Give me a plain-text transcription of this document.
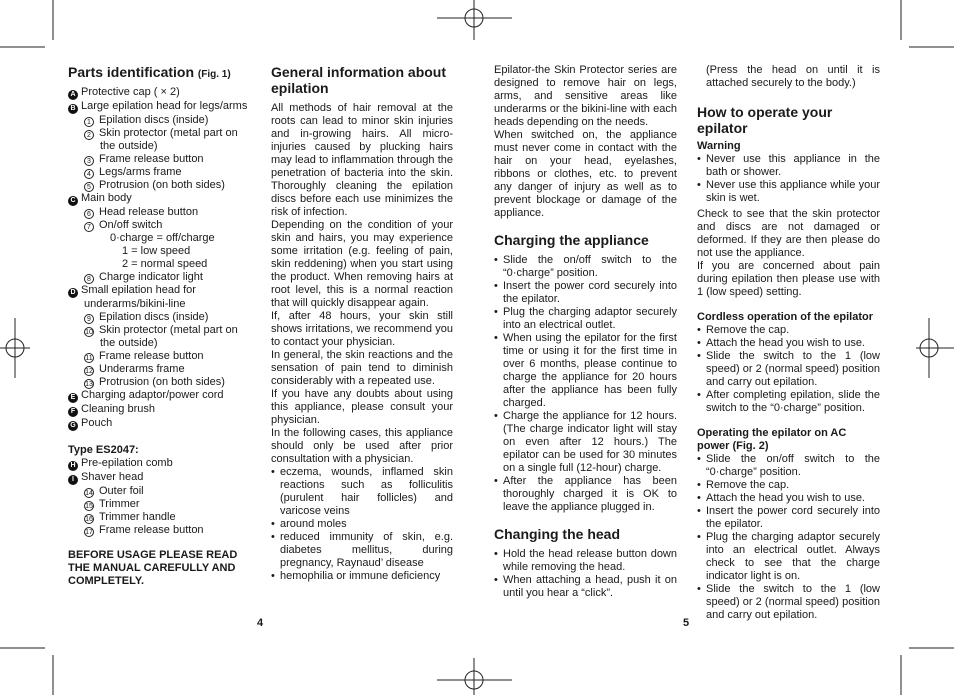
Parts identification (Fig. 1)
A Protective cap ( × 2)
B Large epilation head for legs/arms
1 Epilation discs (inside)
2 Skin protector (metal part on
the outside)
3 Frame release button
4 Legs/arms frame
5 Protrusion (on both sides)
C Main body
6 Head release button
7 On/off switch
0·charge = off/charge
1 = low speed
2 = normal speed
8 Charge indicator light
D Small epilation head for
underarms/bikini-line
9 Epilation discs (inside)
10 Skin protector (metal part on
the outside)
11 Frame release button
12 Underarms frame
13 Protrusion (on both sides)
E Charging adaptor/power cord
F Cleaning brush
G Pouch
Type ES2047:
H Pre-epilation comb
I Shaver head
14 Outer foil
15 Trimmer
16 Trimmer handle
17 Frame release button
BEFORE USAGE PLEASE READ THE MANUAL CAREFULLY AND COMPLETELY.
General information about epilation

All methods of hair removal at the roots can lead to minor skin injuries and in-growing hairs. All micro-injuries caused by plucking hairs may lead to inflammation through the penetration of bacteria into the skin. Thoroughly cleaning the epilation discs before each use minimizes the risk of infection.

Depending on the condition of your skin and hairs, you may experience some irritation (e.g. feeling of pain, skin reddening) when you start using the product. When removing hairs at root level, this is a normal reaction that will quickly disappear again.

If, after 48 hours, your skin still shows irritations, we recommend you to contact your physician.

In general, the skin reactions and the sensation of pain tend to diminish considerably with a repeated use.

If you have any doubts about using this appliance, please consult your physician.

In the following cases, this appliance should only be used after prior consultation with a physician.

• eczema, wounds, inflamed skin reactions such as folliculitis (purulent hair follicles) and varicose veins
• around moles
• reduced immunity of skin, e.g. diabetes mellitus, during pregnancy, Raynaud’ disease
• hemophilia or immune deficiency

Epilator-the Skin Protector series are designed to remove hair on legs, arms, and sensitive areas like underarms or the bikini-line with each heads depending on the needs.

When switched on, the appliance must never come in contact with the hair on your head, eyelashes, ribbons or clothes, etc. to prevent any danger of injury as well as to prevent blockage or damage of the appliance.

Charging the appliance
• Slide the on/off switch to the “0·charge” position.
• Insert the power cord securely into the epilator.
• Plug the charging adaptor securely into an electrical outlet.
• When using the epilator for the first time or using it for the first time in over 6 months, please continue to charge the appliance for 20 hours after the appliance has been fully charged.
• Charge the appliance for 12 hours. (The charge indicator light will stay on even after 12 hours.) The epilator can be used for 30 minutes on a single full (12-hour) charge.
• After the appliance has been thoroughly charged it is OK to leave the appliance plugged in.
Changing the head
• Hold the head release button down while removing the head.
• When attaching a head, push it on until you hear a “click”.

(Press the head on until it is attached securely to the body.)

How to operate your epilator
Warning
• Never use this appliance in the bath or shower.
• Never use this appliance while your skin is wet.

Check to see that the skin protector and discs are not damaged or deformed. If they are then please do not use the appliance.

If you are concerned about pain during epilation then please use with 1 (low speed) setting.

Cordless operation of the epilator
• Remove the cap.
• Attach the head you wish to use.
• Slide the switch to the 1 (low speed) or 2 (normal speed) position and carry out epilation.
• After completing epilation, slide the switch to the “0·charge” position.
Operating the epilator on AC power (Fig. 2)
• Slide the on/off switch to the “0·charge” position.
• Remove the cap.
• Attach the head you wish to use.
• Insert the power cord securely into the epilator.
• Plug the charging adaptor securely into an electrical outlet. Always check to see that the charge indicator light is on.
• Slide the switch to the 1 (low speed) or 2 (normal speed) position and carry out epilation.
4	5
